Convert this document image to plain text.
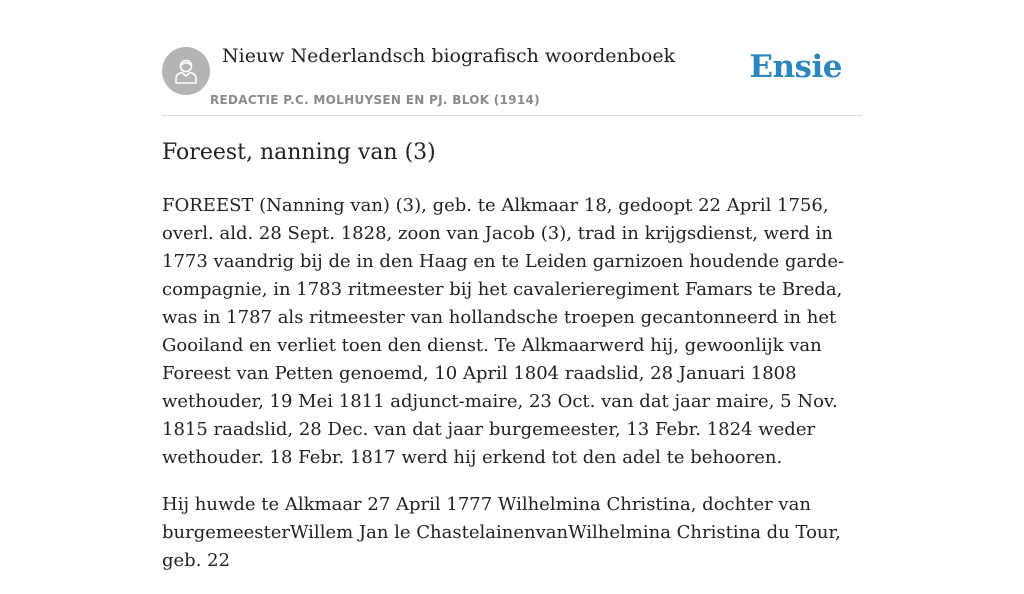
Nieuw Nederlandsch biografisch woordenboek
REDACTIE P.C. MOLHUYSEN EN PJ. BLOK (1914)
Ensie
Foreest, nanning van (3)

FOREEST (Nanning van) (3), geb. te Alkmaar 18, gedoopt 22 April 1756, overl. ald. 28 Sept. 1828, zoon van Jacob (3), trad in krijgsdienst, werd in 1773 vaandrig bij de in den Haag en te Leiden garnizoen houdende garde-compagnie, in 1783 ritmeester bij het cavalerieregiment Famars te Breda, was in 1787 als ritmeester van hollandsche troepen gecantonneerd in het Gooiland en verliet toen den dienst. Te Alkmaarwerd hij, gewoonlijk van Foreest van Petten genoemd, 10 April 1804 raadslid, 28 Januari 1808 wethouder, 19 Mei 1811 adjunct-maire, 23 Oct. van dat jaar maire, 5 Nov. 1815 raadslid, 28 Dec. van dat jaar burgemeester, 13 Febr. 1824 weder wethouder. 18 Febr. 1817 werd hij erkend tot den adel te behooren.

Hij huwde te Alkmaar 27 April 1777 Wilhelmina Christina, dochter van burgemeesterWillem Jan le ChastelainenvanWilhelmina Christina du Tour, geb. 22
